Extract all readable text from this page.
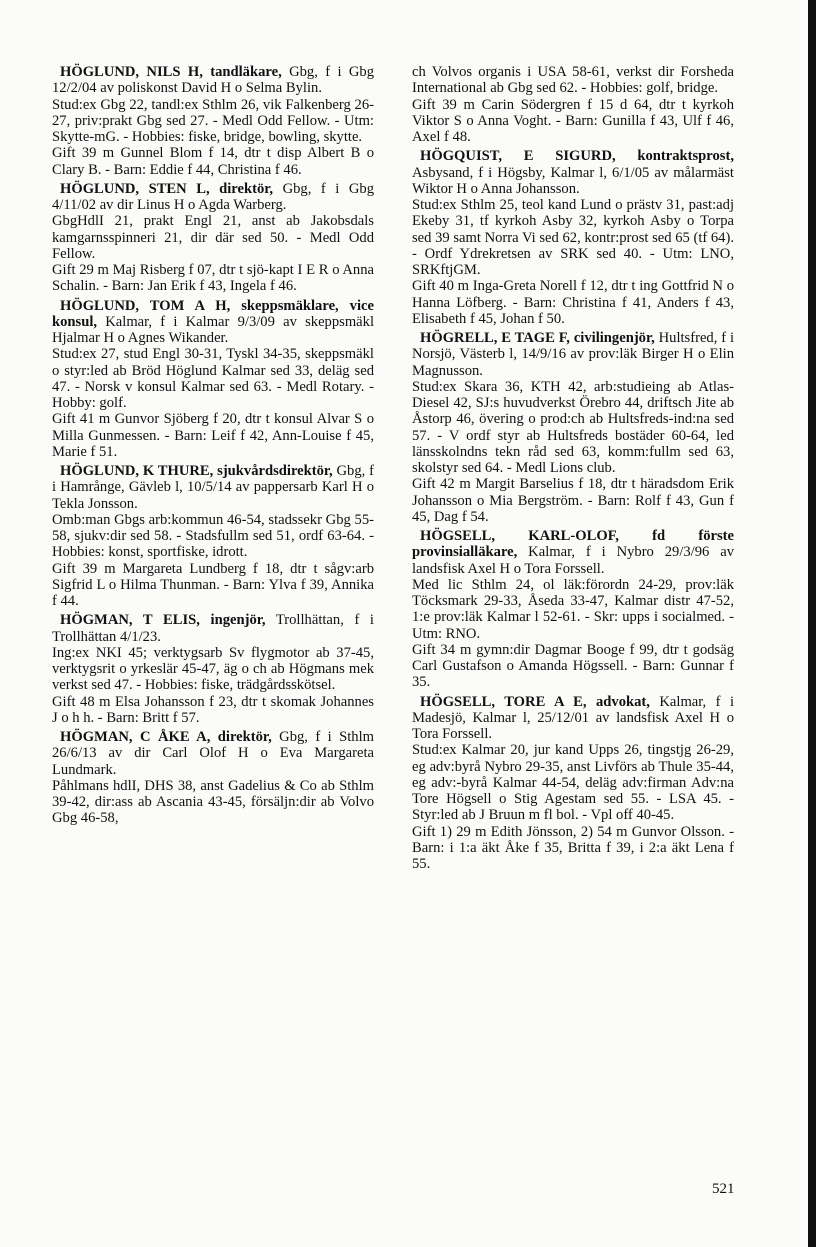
HÖGLUND, NILS H, tandläkare, Gbg, f i Gbg 12/2/04 av poliskonst David H o Selma Bylin.

Stud:ex Gbg 22, tandl:ex Sthlm 26, vik Falkenberg 26-27, priv:prakt Gbg sed 27. - Medl Odd Fellow. - Utm: Skytte-mG. - Hobbies: fiske, bridge, bowling, skytte.

Gift 39 m Gunnel Blom f 14, dtr t disp Albert B o Clary B. - Barn: Eddie f 44, Christina f 46.

HÖGLUND, STEN L, direktör, Gbg, f i Gbg 4/11/02 av dir Linus H o Agda Warberg.

GbgHdlI 21, prakt Engl 21, anst ab Jakobsdals kamgarnsspinneri 21, dir där sed 50. - Medl Odd Fellow.

Gift 29 m Maj Risberg f 07, dtr t sjö-kapt I E R o Anna Schalin. - Barn: Jan Erik f 43, Ingela f 46.

HÖGLUND, TOM A H, skeppsmäklare, vice konsul, Kalmar, f i Kalmar 9/3/09 av skeppsmäkl Hjalmar H o Agnes Wikander.

Stud:ex 27, stud Engl 30-31, Tyskl 34-35, skeppsmäkl o styr:led ab Bröd Höglund Kalmar sed 33, deläg sed 47. - Norsk v konsul Kalmar sed 63. - Medl Rotary. - Hobby: golf.

Gift 41 m Gunvor Sjöberg f 20, dtr t konsul Alvar S o Milla Gunmessen. - Barn: Leif f 42, Ann-Louise f 45, Marie f 51.

HÖGLUND, K THURE, sjukvårdsdirektör, Gbg, f i Hamrånge, Gävleb l, 10/5/14 av pappersarb Karl H o Tekla Jonsson.

Omb:man Gbgs arb:kommun 46-54, stadssekr Gbg 55-58, sjukv:dir sed 58. - Stadsfullm sed 51, ordf 63-64. - Hobbies: konst, sportfiske, idrott.

Gift 39 m Margareta Lundberg f 18, dtr t sågv:arb Sigfrid L o Hilma Thunman. - Barn: Ylva f 39, Annika f 44.

HÖGMAN, T ELIS, ingenjör, Trollhättan, f i Trollhättan 4/1/23.

Ing:ex NKI 45; verktygsarb Sv flygmotor ab 37-45, verktygsrit o yrkeslär 45-47, äg o ch ab Högmans mek verkst sed 47. - Hobbies: fiske, trädgårdsskötsel.

Gift 48 m Elsa Johansson f 23, dtr t skomak Johannes J o h h. - Barn: Britt f 57.

HÖGMAN, C ÅKE A, direktör, Gbg, f i Sthlm 26/6/13 av dir Carl Olof H o Eva Margareta Lundmark.

Påhlmans hdlI, DHS 38, anst Gadelius & Co ab Sthlm 39-42, dir:ass ab Ascania 43-45, försäljn:dir ab Volvo Gbg 46-58,

ch Volvos organis i USA 58-61, verkst dir Forsheda International ab Gbg sed 62. - Hobbies: golf, bridge.

Gift 39 m Carin Södergren f 15 d 64, dtr t kyrkoh Viktor S o Anna Voght. - Barn: Gunilla f 43, Ulf f 46, Axel f 48.

HÖGQUIST, E SIGURD, kontraktsprost, Asbysand, f i Högsby, Kalmar l, 6/1/05 av målarmäst Wiktor H o Anna Johansson.

Stud:ex Sthlm 25, teol kand Lund o prästv 31, past:adj Ekeby 31, tf kyrkoh Asby 32, kyrkoh Asby o Torpa sed 39 samt Norra Vi sed 62, kontr:prost sed 65 (tf 64). - Ordf Ydrekretsen av SRK sed 40. - Utm: LNO, SRKftjGM.

Gift 40 m Inga-Greta Norell f 12, dtr t ing Gottfrid N o Hanna Löfberg. - Barn: Christina f 41, Anders f 43, Elisabeth f 45, Johan f 50.

HÖGRELL, E TAGE F, civilingenjör, Hultsfred, f i Norsjö, Västerb l, 14/9/16 av prov:läk Birger H o Elin Magnusson.

Stud:ex Skara 36, KTH 42, arb:studieing ab Atlas-Diesel 42, SJ:s huvudverkst Örebro 44, driftsch Jite ab Åstorp 46, övering o prod:ch ab Hultsfreds-ind:na sed 57. - V ordf styr ab Hultsfreds bostäder 60-64, led länsskolndns tekn råd sed 63, komm:fullm sed 63, skolstyr sed 64. - Medl Lions club.

Gift 42 m Margit Barselius f 18, dtr t häradsdom Erik Johansson o Mia Bergström. - Barn: Rolf f 43, Gun f 45, Dag f 54.

HÖGSELL, KARL-OLOF, fd förste provinsialläkare, Kalmar, f i Nybro 29/3/96 av landsfisk Axel H o Tora Forssell.

Med lic Sthlm 24, ol läk:förordn 24-29, prov:läk Töcksmark 29-33, Åseda 33-47, Kalmar distr 47-52, 1:e prov:läk Kalmar l 52-61. - Skr: upps i socialmed. - Utm: RNO.

Gift 34 m gymn:dir Dagmar Booge f 99, dtr t godsäg Carl Gustafson o Amanda Högssell. - Barn: Gunnar f 35.

HÖGSELL, TORE A E, advokat, Kalmar, f i Madesjö, Kalmar l, 25/12/01 av landsfisk Axel H o Tora Forssell.

Stud:ex Kalmar 20, jur kand Upps 26, tingstjg 26-29, eg adv:byrå Nybro 29-35, anst Livförs ab Thule 35-44, eg adv:-byrå Kalmar 44-54, deläg adv:firman Adv:na Tore Högsell o Stig Agestam sed 55. - LSA 45. - Styr:led ab J Bruun m fl bol. - Vpl off 40-45.

Gift 1) 29 m Edith Jönsson, 2) 54 m Gunvor Olsson. - Barn: i 1:a äkt Åke f 35, Britta f 39, i 2:a äkt Lena f 55.

521
